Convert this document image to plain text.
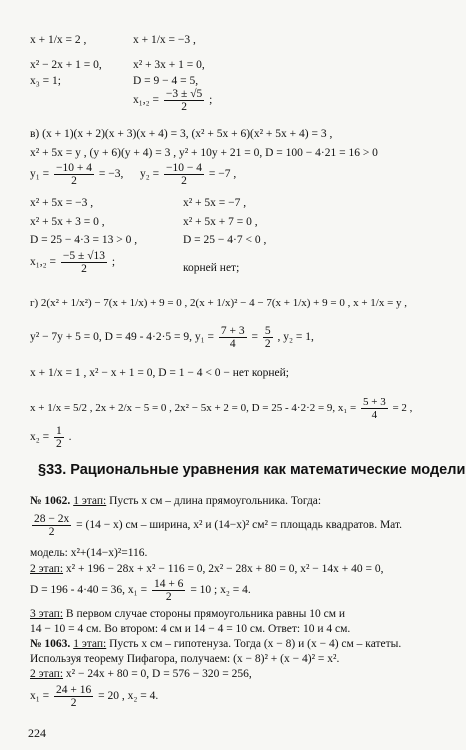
x + 1/x = 2 ,
x² − 2x + 1 = 0,
x₃ = 1;
x + 1/x = −3 ,
x² + 3x + 1 = 0,
D = 9 − 4 = 5,
$x_1,_2 = \frac{-3 \pm √5}{2}$ ;
в) (x + 1)(x + 2)(x + 3)(x + 4) = 3, (x² + 5x + 6)(x² + 5x + 4) = 3 ,
x² + 5x = y , (y + 6)(y + 4) = 3 , y² + 10y + 21 = 0, D = 100 − 4·21 = 16 > 0
$y_1 = \frac{-10 + 4}{2} = -3$, $y_2 = \frac{-10 - 4}{2} = -7$ ,
x² + 5x = −3 ,
x² + 5x + 3 = 0 ,
D = 25 − 4·3 = 13 > 0 ,
$x_1,_2 = \frac{-5 \pm √13}{2}$ ;
x² + 5x = −7 ,
x² + 5x + 7 = 0 ,
D = 25 − 4·7 < 0 ,
корней нет;
г) 2(x² + 1/x²) − 7(x + 1/x) + 9 = 0 , 2(x + 1/x)² − 4 − 7(x + 1/x) + 9 = 0 , x + 1/x = y ,
y² − 7y + 5 = 0, D = 49 - 4·2·5 = 9, $y_1 = \frac{7 + 3}{4} = \frac{5}{2}$ , y₂ = 1,
x + 1/x = 1 , x² − x + 1 = 0, D = 1 − 4 < 0 − нет корней;
x + 1/x = 5/2 , 2x + 2/x − 5 = 0 , 2x² − 5x + 2 = 0, D = 25 - 4·2·2 = 9, $x_1 = \frac{5 + 3}{4} = 2$ ,
$x_2 = \frac{1}{2}$ .
§33. Рациональные уравнения как математические модели
№ 1062. 1 этап: Пусть x см – длина прямоугольника. Тогда:
$\frac{28 - 2x}{2} = (14 - x)$ см – ширина, x² и (14−x)² см² = площадь квадратов. Мат.
модель: x²+(14−x)²=116.
2 этап: x² + 196 − 28x + x² − 116 = 0, 2x² − 28x + 80 = 0, x² − 14x + 40 = 0,
D = 196 - 4·40 = 36, $x_1 = \frac{14 + 6}{2} = 10$ ; x₂ = 4.
3 этап: В первом случае стороны прямоугольника равны 10 см и
14 − 10 = 4 см. Во втором: 4 см и 14 − 4 = 10 см. Ответ: 10 и 4 см.
№ 1063. 1 этап: Пусть x см – гипотенуза. Тогда (x − 8) и (x − 4) см – катеты.
Используя теорему Пифагора, получаем: (x − 8)² + (x − 4)² = x².
2 этап: x² − 24x + 80 = 0, D = 576 − 320 = 256,
$x_1 = \frac{24 + 16}{2} = 20$ , x₂ = 4.
224
